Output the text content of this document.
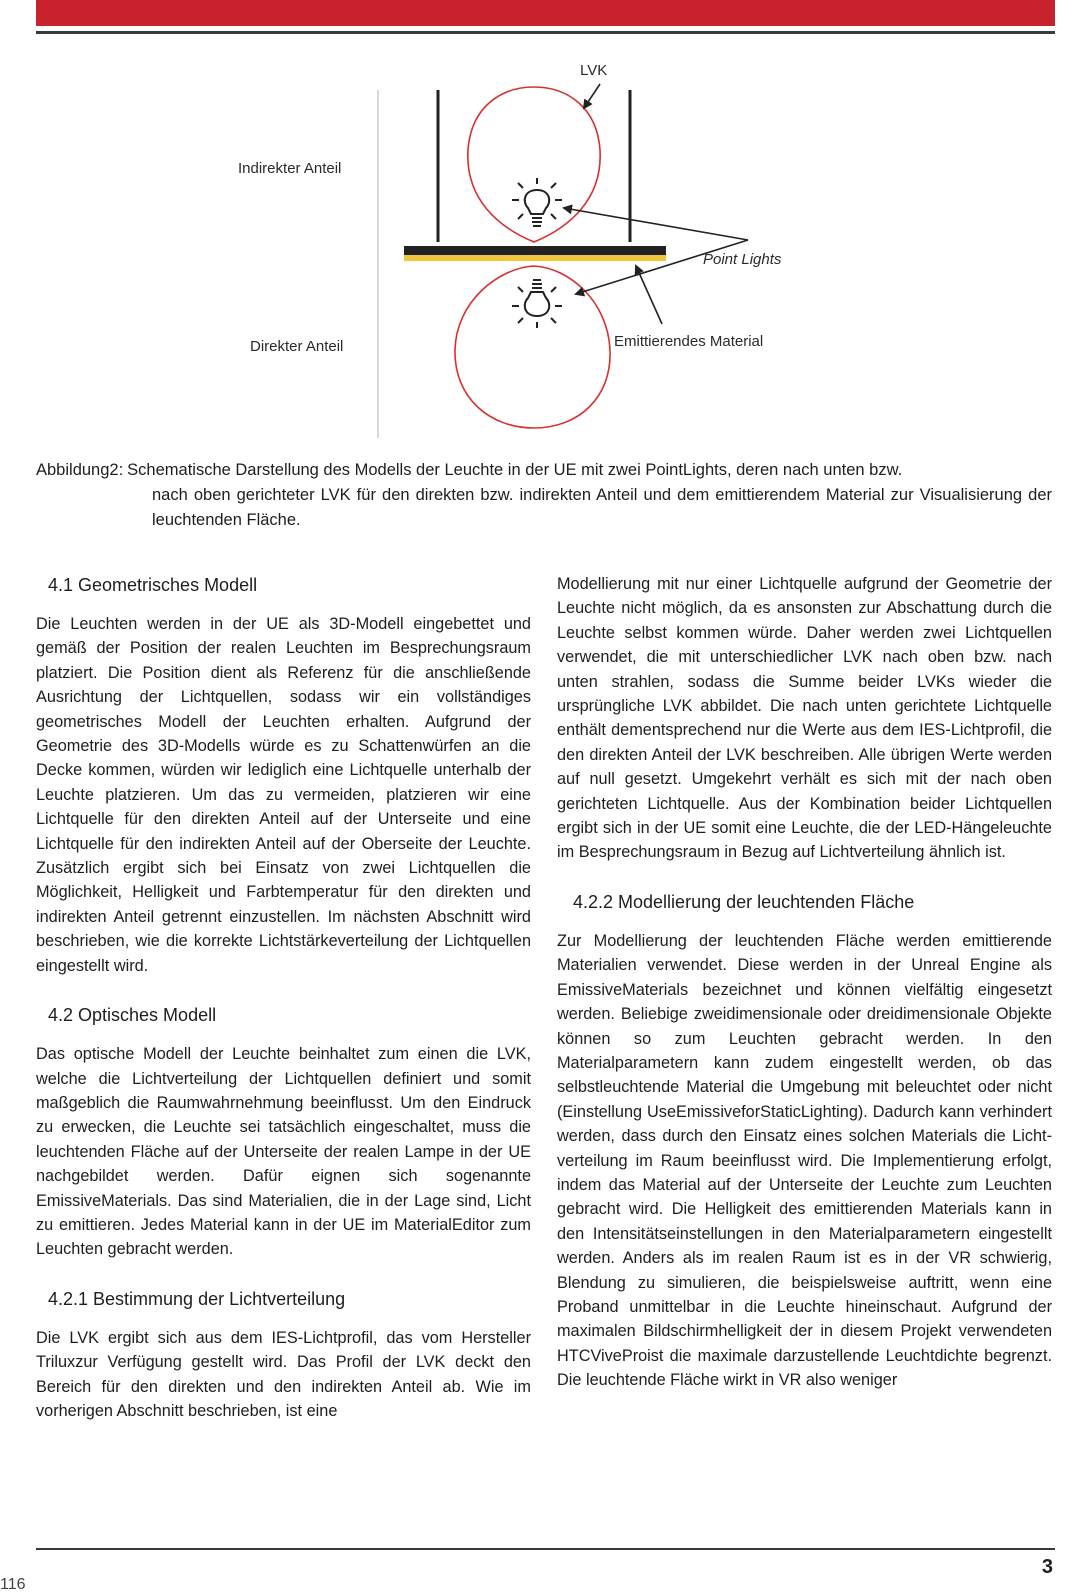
LVK
Indirekter Anteil
Direkter Anteil
Point Lights
Emittierendes Material
Abbildung2: Schematische Darstellung des Modells der Leuchte in der UE mit zwei PointLights, deren nach unten bzw.
nach oben gerichteter LVK für den direkten bzw. indirekten Anteil und dem emittierendem Material zur Visualisierung der leuchtenden Fläche.
4.1 Geometrisches Modell

Die Leuchten werden in der UE als 3D-Modell eingebettet und gemäß der Position der realen Leuchten im Besprechungsraum platziert. Die Position dient als Referenz für die anschließende Ausrichtung der Lichtquellen, sodass wir ein vollständiges geometrisches Modell der Leuchten erhalten. Aufgrund der Geometrie des 3D-Modells würde es zu Schattenwürfen an die Decke kommen, würden wir lediglich eine Lichtquelle unterhalb der Leuchte platzieren. Um das zu vermeiden, platzieren wir eine Lichtquelle für den direkten Anteil auf der Unterseite und eine Lichtquelle für den indirekten Anteil auf der Oberseite der Leuchte. Zusätzlich ergibt sich bei Einsatz von zwei Lichtquellen die Möglichkeit, Helligkeit und Farbtemperatur für den direkten und indirekten Anteil getrennt einzustellen. Im nächsten Abschnitt wird beschrieben, wie die korrekte Lichtstärkeverteilung der Lichtquellen eingestellt wird.

4.2 Optisches Modell

Das optische Modell der Leuchte beinhaltet zum einen die LVK, welche die Lichtverteilung der Lichtquellen definiert und somit maßgeblich die Raumwahrnehmung beeinflusst. Um den Eindruck zu erwecken, die Leuchte sei tatsächlich eingeschaltet, muss die leuchtenden Fläche auf der Unterseite der realen Lampe in der UE nachgebildet werden. Dafür eignen sich sogenannte EmissiveMaterials. Das sind Materialien, die in der Lage sind, Licht zu emittieren. Jedes Material kann in der UE im MaterialEditor zum Leuchten gebracht werden.

4.2.1 Bestimmung der Lichtverteilung

Die LVK ergibt sich aus dem IES-Lichtprofil, das vom Hersteller Triluxzur Verfügung gestellt wird. Das Profil der LVK deckt den Bereich für den direkten und den indirekten Anteil ab. Wie im vorherigen Abschnitt beschrieben, ist eine

Modellierung mit nur einer Lichtquelle aufgrund der Geometrie der Leuchte nicht möglich, da es ansonsten zur Abschattung durch die Leuchte selbst kommen würde. Daher werden zwei Lichtquellen verwendet, die mit unterschiedlicher LVK nach oben bzw. nach unten strahlen, sodass die Summe beider LVKs wieder die ursprüngliche LVK abbildet. Die nach unten gerichtete Lichtquelle enthält dementsprechend nur die Werte aus dem IES-Lichtprofil, die den direkten Anteil der LVK beschreiben. Alle übrigen Werte werden auf null gesetzt. Umgekehrt verhält es sich mit der nach oben gerichteten Lichtquelle. Aus der Kombination beider Lichtquellen ergibt sich in der UE somit eine Leuchte, die der LED-Hängeleuchte im Besprechungsraum in Bezug auf Lichtverteilung ähnlich ist.

4.2.2 Modellierung der leuchtenden Fläche

Zur Modellierung der leuchtenden Fläche werden emittierende Materialien verwendet. Diese werden in der Unreal Engine als EmissiveMaterials bezeichnet und können vielfältig eingesetzt werden. Beliebige zweidimensionale oder dreidimensionale Objekte können so zum Leuchten gebracht werden. In den Materialparametern kann zudem eingestellt werden, ob das selbstleuchtende Material die Umgebung mit beleuchtet oder nicht (Einstellung UseEmissiveforStaticLighting). Dadurch kann verhindert werden, dass durch den Einsatz eines solchen Materials die Lichtverteilung im Raum beeinflusst wird. Die Implementierung erfolgt, indem das Material auf der Unterseite der Leuchte zum Leuchten gebracht wird. Die Helligkeit des emittierenden Materials kann in den Intensitätseinstellungen in den Materialparametern eingestellt werden. Anders als im realen Raum ist es in der VR schwierig, Blendung zu simulieren, die beispielsweise auftritt, wenn eine Proband unmittelbar in die Leuchte hineinschaut. Aufgrund der maximalen Bildschirmhelligkeit der in diesem Projekt verwendeten HTCViveProist die maximale darzustellende Leuchtdichte begrenzt. Die leuchtende Fläche wirkt in VR also weniger

3
116
